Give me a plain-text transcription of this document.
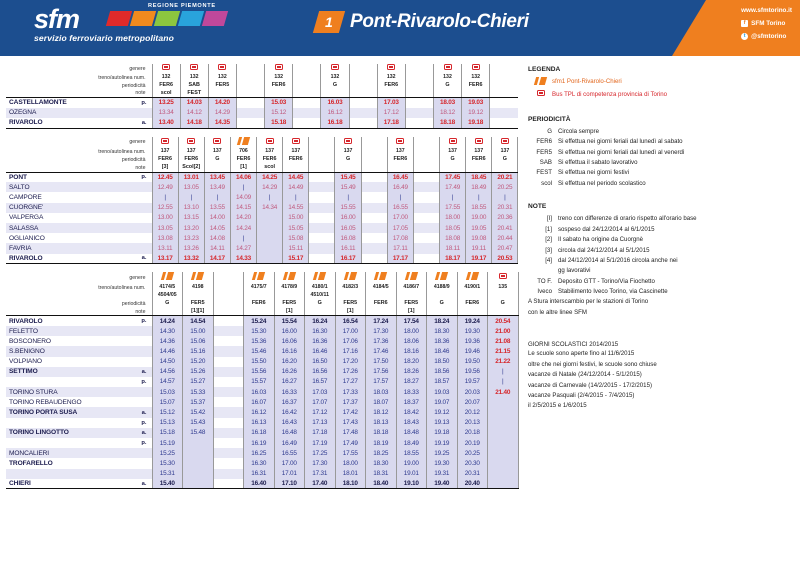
REGIONE PIEMONTE
sfm
servizio ferroviario metropolitano
1 Pont-Rivarolo-Chieri
www.sfmtorino.it
f SFM Torino
t @sfmtorino
genere														
treno/autolinea num.		132	132	132		132		132		132		132	132	
periodicità		FER6	SAB	FER5		FER6		G		FER6		G	FER6	
note		scol	FEST											
CASTELLAMONTE	p.	13.25	14.03	14.20		15.03		16.03		17.03		18.03	19.03	
OZEGNA		13.34	14.12	14.29		15.12		16.12		17.12		18.12	19.12	
RIVAROLO	a.	13.40	14.18	14.35		15.18		16.18		17.18		18.18	19.18	
genere															
treno/autolinea num.		137	137	137	706	137	137		137		137		137	137	137
periodicità		FER6	FER6	G	FER6	FER6	FER6		G		FER6		G	FER6	G
note		[3]	Scol[2]		[1]	scol									
PONT	p.	12.45	13.01	13.45	14.06	14.25	14.45		15.45		16.45		17.45	18.45	20.21
SALTO		12.49	13.05	13.49	|	14.29	14.49		15.49		16.49		17.49	18.49	20.25
CAMPORE		|	|	|	14.09	|	|		|		|		|	|	|
CUORGNE'		12.55	13.10	13.55	14.15	14.34	14.55		15.55		16.55		17.55	18.55	20.31
VALPERGA		13.00	13.15	14.00	14.20		15.00		16.00		17.00		18.00	19.00	20.36
SALASSA		13.05	13.20	14.05	14.24		15.05		16.05		17.05		18.05	19.05	20.41
OGLIANICO		13.08	13.23	14.08	|		15.08		16.08		17.08		18.08	19.08	20.44
FAVRIA		13.11	13.26	14.11	14.27		15.11		16.11		17.11		18.11	19.11	20.47
RIVAROLO	a.	13.17	13.32	14.17	14.33		15.17		16.17		17.17		18.17	19.17	20.53
genere													
treno/autolinea num.		4174/5	4198		4175/7	4178/9	4180/1	4182/3	4184/5	4186/7	4188/9	4190/1	135
		4504/05					4510/11						
periodicità		G	FER5		FER6	FER5	G	FER5	FER6	FER5	G	FER6	G
note			[1][1]			[1]		[1]		[1]			
RIVAROLO	p.	14.24	14.54		15.24	15.54	16.24	16.54	17.24	17.54	18.24	19.24	20.54
FELETTO		14.30	15.00		15.30	16.00	16.30	17.00	17.30	18.00	18.30	19.30	21.00
BOSCONERO		14.36	15.06		15.36	16.06	16.36	17.06	17.36	18.06	18.36	19.36	21.08
S.BENIGNO		14.46	15.16		15.46	16.16	16.46	17.16	17.46	18.16	18.46	19.46	21.15
VOLPIANO		14.50	15.20		15.50	16.20	16.50	17.20	17.50	18.20	18.50	19.50	21.22
SETTIMO	a.	14.56	15.26		15.56	16.26	16.56	17.26	17.56	18.26	18.56	19.56	|
	p.	14.57	15.27		15.57	16.27	16.57	17.27	17.57	18.27	18.57	19.57	|
TORINO STURA		15.03	15.33		16.03	16.33	17.03	17.33	18.03	18.33	19.03	20.03	21.40
TORINO REBAUDENGO		15.07	15.37		16.07	16.37	17.07	17.37	18.07	18.37	19.07	20.07	
TORINO PORTA SUSA	a.	15.12	15.42		16.12	16.42	17.12	17.42	18.12	18.42	19.12	20.12	
	p.	15.13	15.43		16.13	16.43	17.13	17.43	18.13	18.43	19.13	20.13	
TORINO LINGOTTO	a.	15.18	15.48		16.18	16.48	17.18	17.48	18.18	18.48	19.18	20.18	
	p.	15.19			16.19	16.49	17.19	17.49	18.19	18.49	19.19	20.19	
MONCALIERI		15.25			16.25	16.55	17.25	17.55	18.25	18.55	19.25	20.25	
TROFARELLO		15.30			16.30	17.00	17.30	18.00	18.30	19.00	19.30	20.30	
		15.31			16.31	17.01	17.31	18.01	18.31	19.01	19.31	20.31	
CHIERI	a.	15.40			16.40	17.10	17.40	18.10	18.40	19.10	19.40	20.40	
LEGENDA
sfm1 Pont-Rivarolo-Chieri
Bus TPL di competenza provincia di Torino
PERIODICITÀ
G Circola sempre
FER6 Si effettua nei giorni feriali dal lunedì al sabato
FER5 Si effettua nei giorni feriali dal lunedì al venerdì
SAB Si effettua il sabato lavorativo
FEST Si effettua nei giorni festivi
scol Si effettua nel periodo scolastico
NOTE
[I] treno con differenze di orario rispetto all'orario base
[1] sospeso dal 24/12/2014 al 6/1/2015
[2] Il sabato ha origine da Cuorgnè
[3] circola dal 24/12/2014 al 5/1/2015
[4] dal 24/12/2014 al 5/1/2016 circola anche nei
gg lavorativi
TO F. Deposito GTT - Torino/Via Fiochetto
Iveco Stabilimento Iveco Torino, via Cascinette
A Stura interscambio per le stazioni di Torino
con le altre linee SFM
GIORNI SCOLASTICI 2014/2015
Le scuole sono aperte fino al 11/6/2015
oltre che nei giorni festivi, le scuole sono chiuse
vacanze di Natale (24/12/2014 - 5/1/2015)
vacanze di Carnevale (14/2/2015 - 17/2/2015)
vacanze Pasquali (2/4/2015 - 7/4/2015)
il 2/5/2015 e 1/6/2015
